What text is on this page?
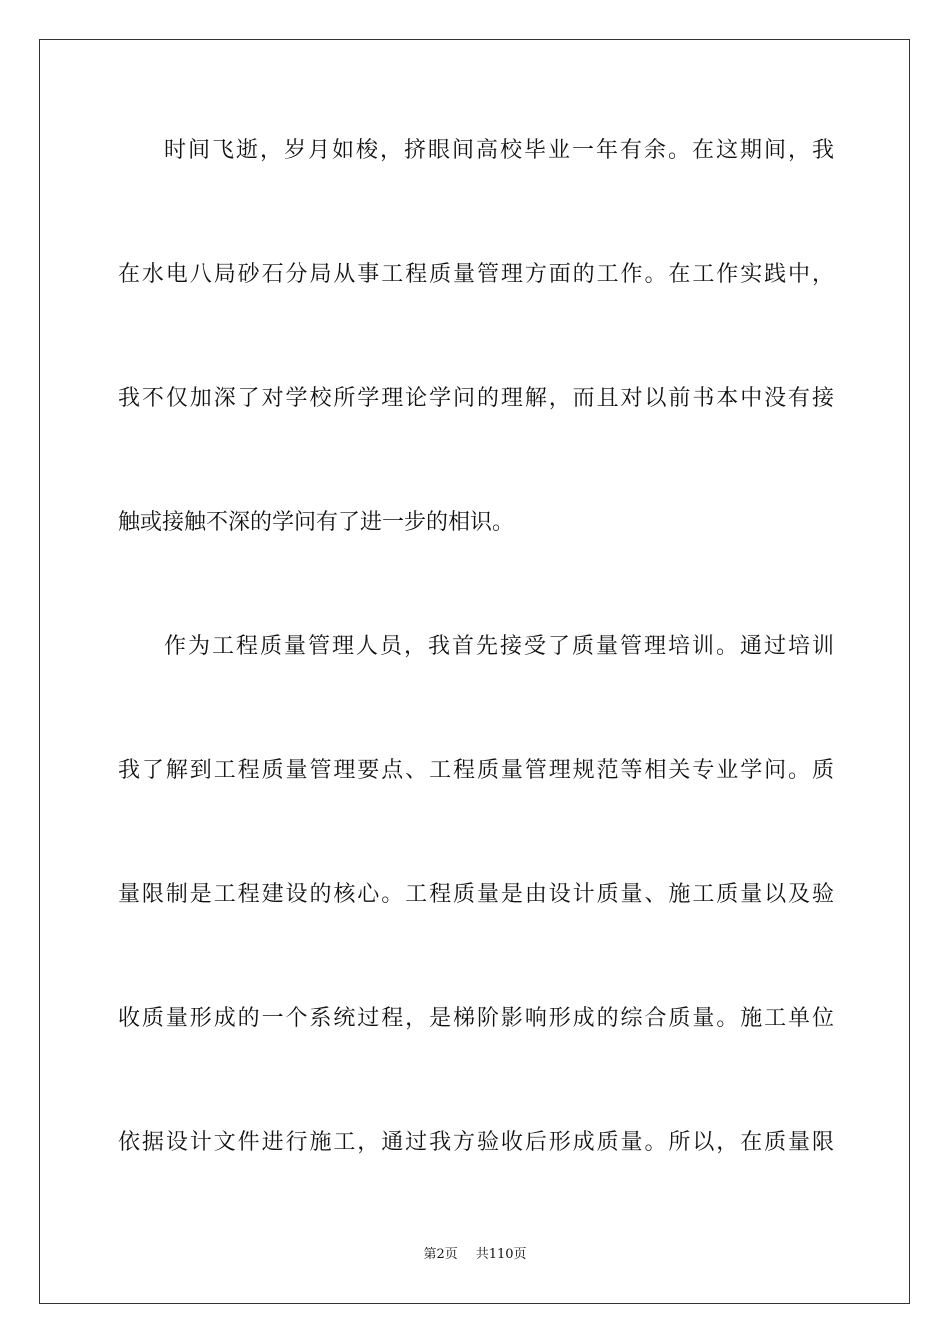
时间飞逝，岁月如梭，挤眼间高校毕业一年有余。在这期间，我
在水电八局砂石分局从事工程质量管理方面的工作。在工作实践中，
我不仅加深了对学校所学理论学问的理解，而且对以前书本中没有接
触或接触不深的学问有了进一步的相识。
作为工程质量管理人员，我首先接受了质量管理培训。通过培训
我了解到工程质量管理要点、工程质量管理规范等相关专业学问。质
量限制是工程建设的核心。工程质量是由设计质量、施工质量以及验
收质量形成的一个系统过程，是梯阶影响形成的综合质量。施工单位
依据设计文件进行施工，通过我方验收后形成质量。所以，在质量限
第2页 共110页
